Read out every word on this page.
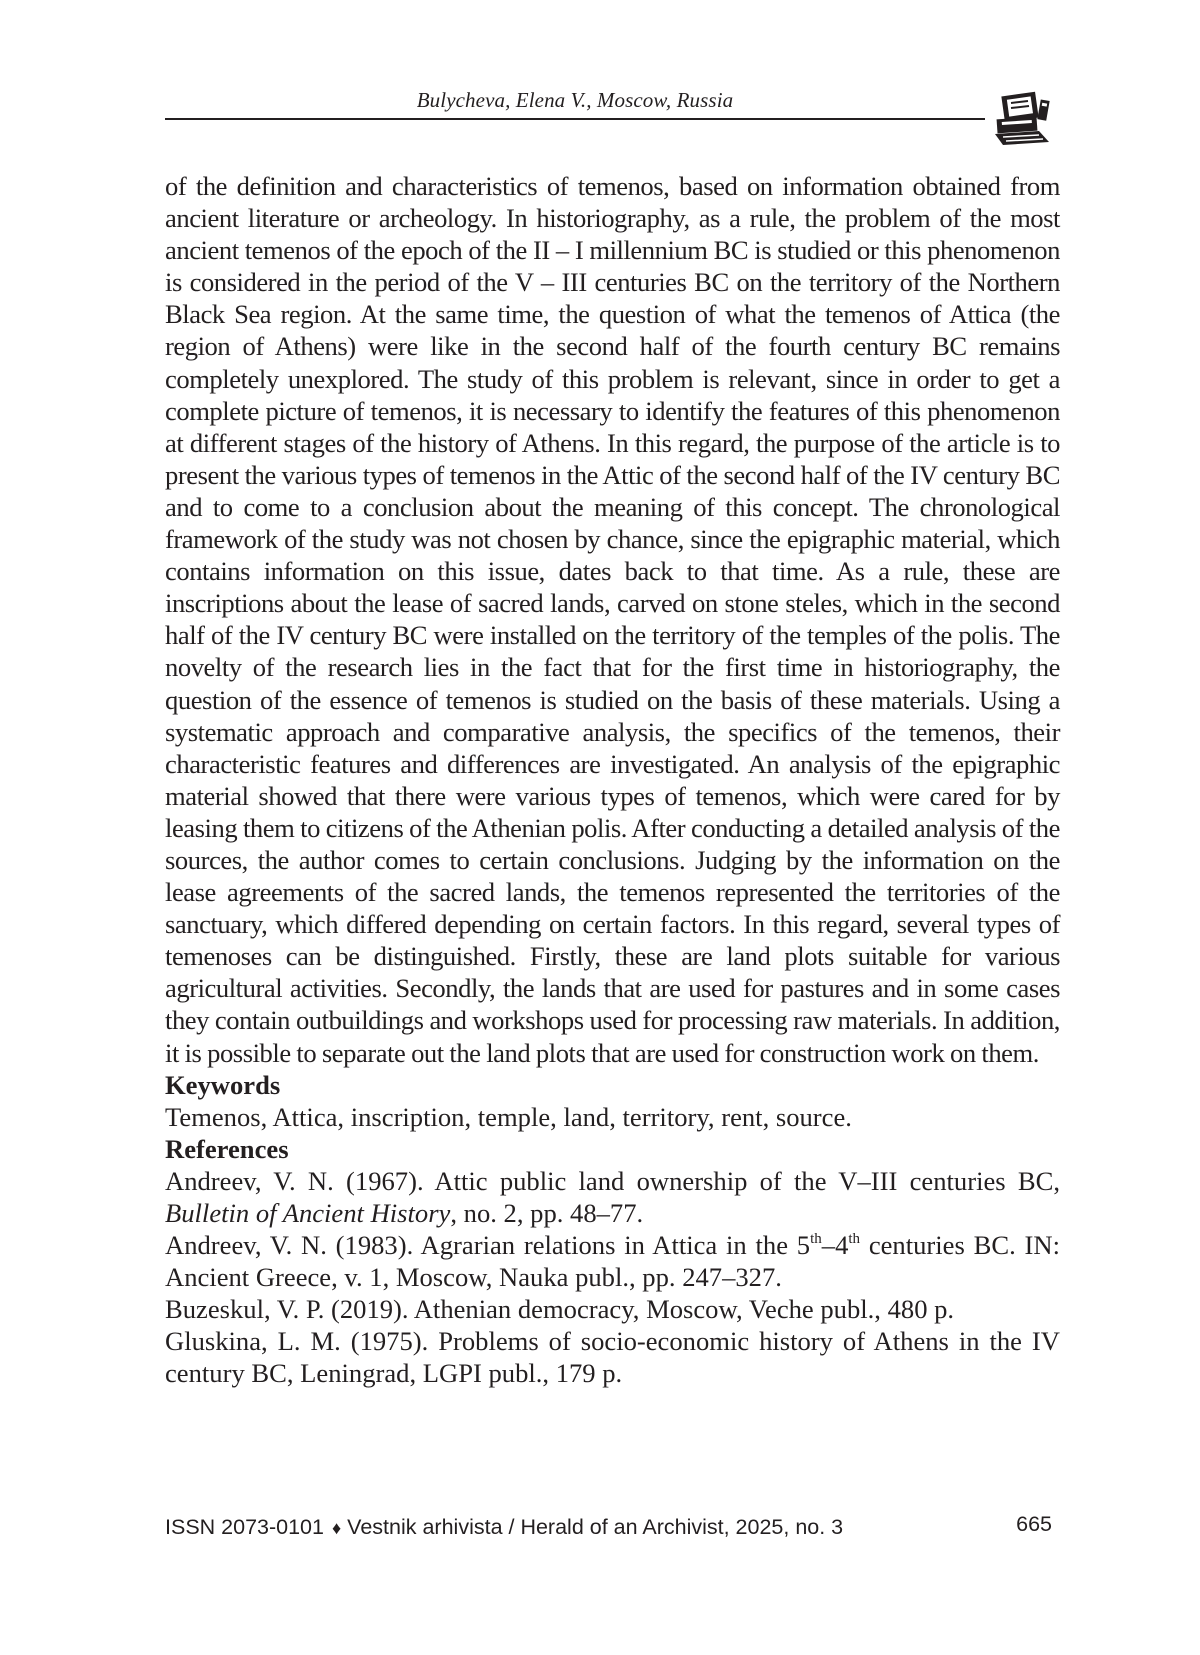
Bulycheva, Elena V., Moscow, Russia

of the definition and characteristics of temenos, based on information obtained from ancient literature or archeology. In historiography, as a rule, the problem of the most ancient temenos of the epoch of the II – I millennium BC is studied or this phenomenon is considered in the period of the V – III centuries BC on the territory of the Northern Black Sea region. At the same time, the question of what the temenos of Attica (the region of Athens) were like in the second half of the fourth century BC remains completely unexplored. The study of this problem is relevant, since in order to get a complete picture of temenos, it is necessary to identify the features of this phenomenon at different stages of the history of Athens. In this regard, the purpose of the article is to present the various types of temenos in the Attic of the second half of the IV century BC and to come to a conclusion about the meaning of this concept. The chronological framework of the study was not chosen by chance, since the epigraphic material, which contains information on this issue, dates back to that time. As a rule, these are inscriptions about the lease of sacred lands, carved on stone steles, which in the second half of the IV century BC were installed on the territory of the temples of the polis. The novelty of the research lies in the fact that for the first time in historiography, the question of the essence of temenos is studied on the basis of these materials. Using a systematic approach and comparative analysis, the specifics of the temenos, their characteristic features and differences are investigated. An analysis of the epigraphic material showed that there were various types of temenos, which were cared for by leasing them to citizens of the Athenian polis. After conducting a detailed analysis of the sources, the author comes to certain conclusions. Judging by the information on the lease agreements of the sacred lands, the temenos represented the territories of the sanctuary, which differed depending on certain factors. In this regard, several types of temenoses can be distinguished. Firstly, these are land plots suitable for various agricultural activities. Secondly, the lands that are used for pastures and in some cases they contain outbuildings and workshops used for processing raw materials. In addition, it is possible to separate out the land plots that are used for construction work on them.

Keywords

Temenos, Attica, inscription, temple, land, territory, rent, source.

References

Andreev, V. N. (1967). Attic public land ownership of the V–III centuries BC, Bulletin of Ancient History, no. 2, pp. 48–77.

Andreev, V. N. (1983). Agrarian relations in Attica in the 5th–4th centuries BC. IN: Ancient Greece, v. 1, Moscow, Nauka publ., pp. 247–327.

Buzeskul, V. P. (2019). Athenian democracy, Moscow, Veche publ., 480 p.

Gluskina, L. M. (1975). Problems of socio-economic history of Athens in the IV century BC, Leningrad, LGPI publ., 179 p.

ISSN 2073-0101 ♦ Vestnik arhivista / Herald of an Archivist, 2025, no. 3	665
